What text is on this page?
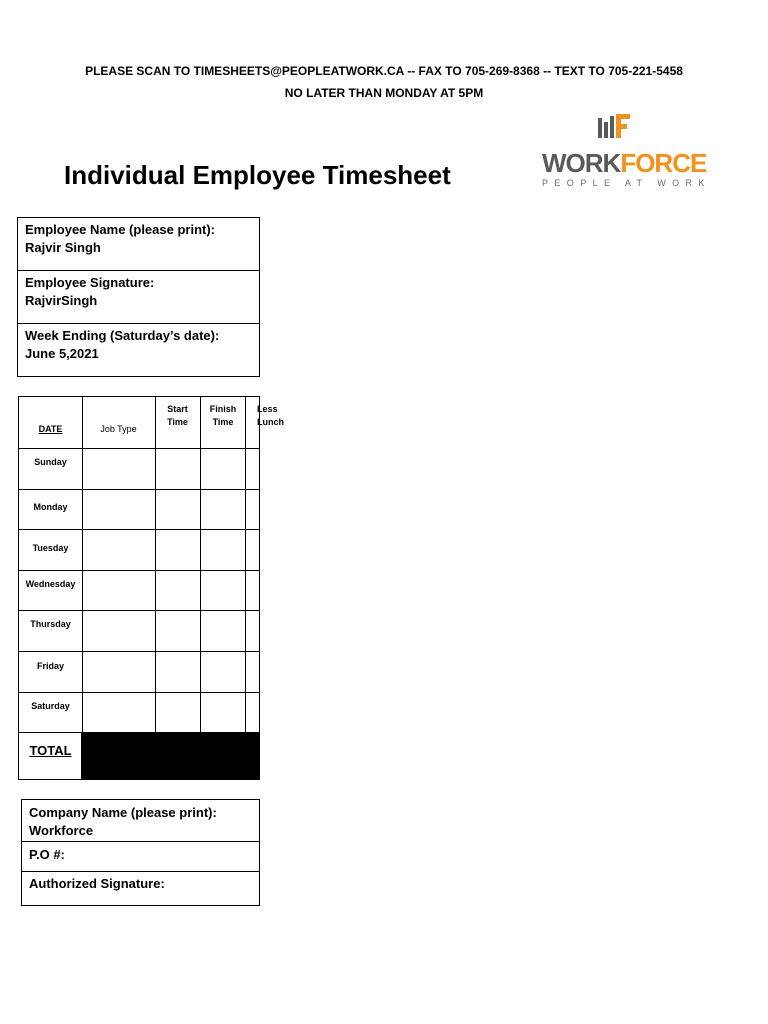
PLEASE SCAN TO TIMESHEETS@PEOPLEATWORK.CA -- FAX TO 705-269-8368 -- TEXT TO 705-221-5458
NO LATER THAN MONDAY AT 5PM
Individual Employee Timesheet	WORKFORCE
PEOPLE AT WORK
Employee Name (please print):
Rajvir Singh
Employee Signature:
RajvirSingh
Week Ending (Saturday’s date):
June 5,2021
DATE	Job Type
Start
Time
Finish
Time
Less
Lunch
Sunday
Monday
Tuesday
Wednesday
Thursday
Friday
Saturday
TOTAL
Company Name (please print):
Workforce
P.O #:
Authorized Signature:
